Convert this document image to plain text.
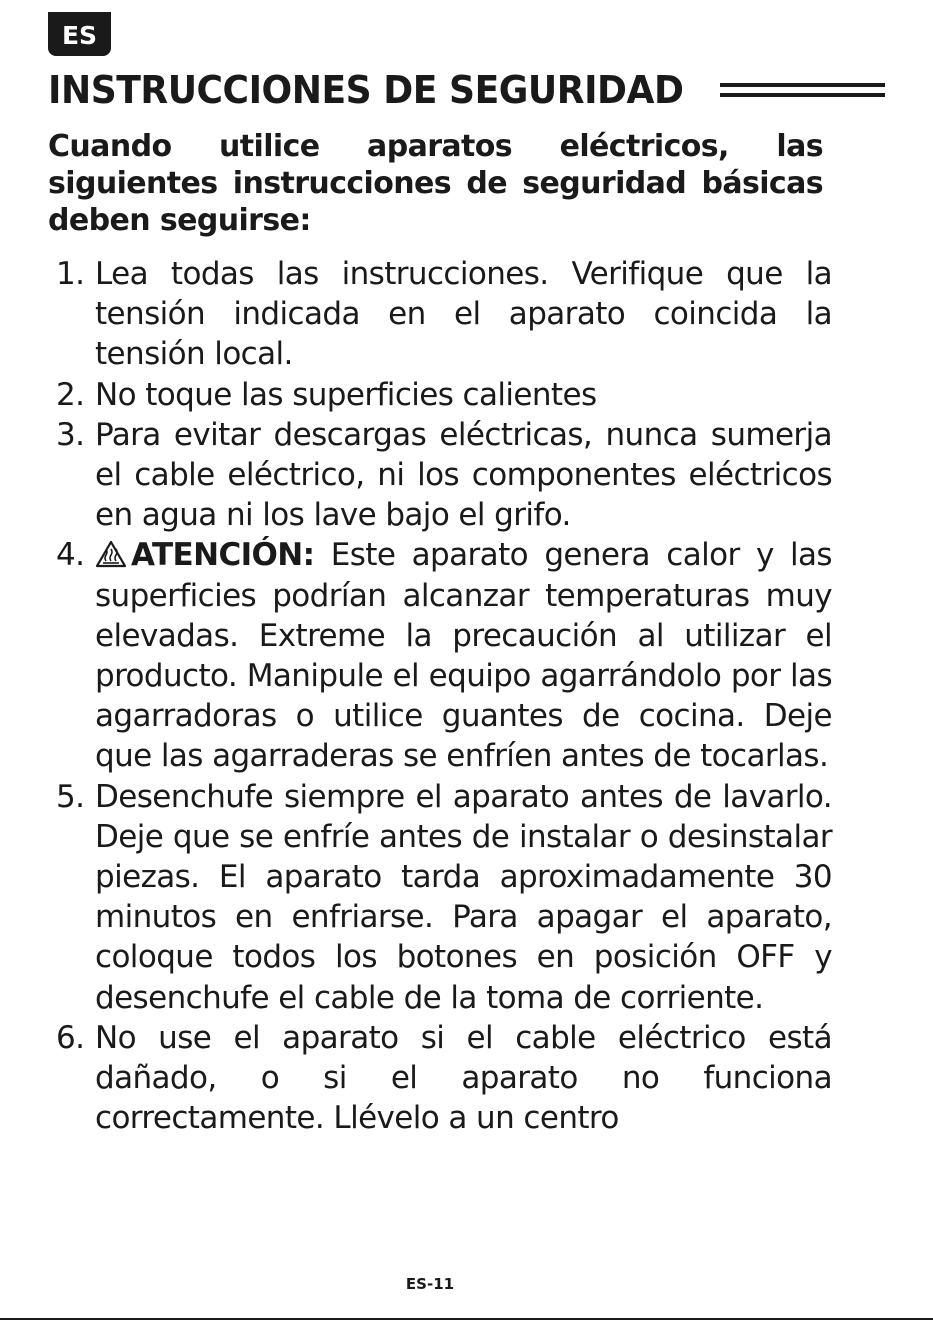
ES
INSTRUCCIONES DE SEGURIDAD
Cuando utilice aparatos eléctricos, las siguientes instrucciones de seguridad básicas deben seguirse:
1. Lea todas las instrucciones. Verifique que la tensión indicada en el aparato coincida la tensión local.
2. No toque las superficies calientes
3. Para evitar descargas eléctricas, nunca sumerja el cable eléctrico, ni los componentes eléctricos en agua ni los lave bajo el grifo.
4. ATENCIÓN: Este aparato genera calor y las superficies podrían alcanzar temperaturas muy elevadas. Extreme la precaución al utilizar el producto. Manipule el equipo agarrándolo por las agarradoras o utilice guantes de cocina. Deje que las agarraderas se enfríen antes de tocarlas.
5. Desenchufe siempre el aparato antes de lavarlo. Deje que se enfríe antes de instalar o desinstalar piezas. El aparato tarda aproximadamente 30 minutos en enfriarse. Para apagar el aparato, coloque todos los botones en posición OFF y desenchufe el cable de la toma de corriente.
6. No use el aparato si el cable eléctrico está dañado, o si el aparato no funciona correctamente. Llévelo a un centro
ES-11
